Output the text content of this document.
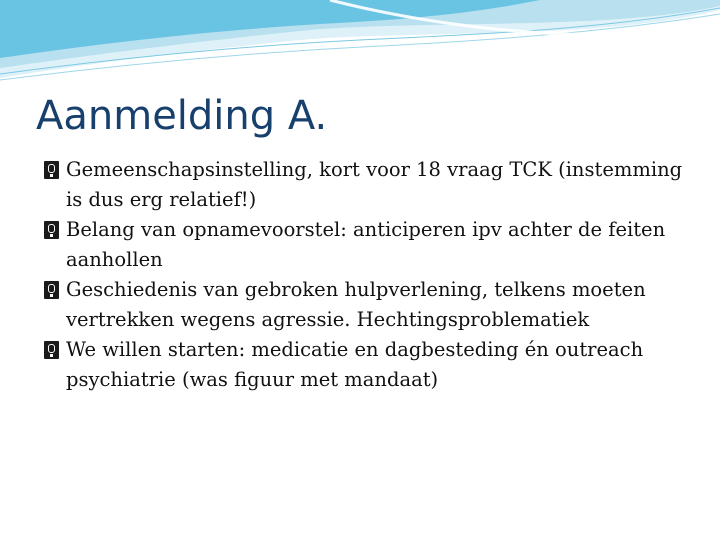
Aanmelding A.
Gemeenschapsinstelling, kort voor 18 vraag TCK (instemming is dus erg relatief!)
Belang van opnamevoorstel: anticiperen ipv achter de feiten aanhollen
Geschiedenis van gebroken hulpverlening, telkens moeten vertrekken wegens agressie. Hechtingsproblematiek
We willen starten: medicatie en dagbesteding én outreach psychiatrie (was figuur met mandaat)
